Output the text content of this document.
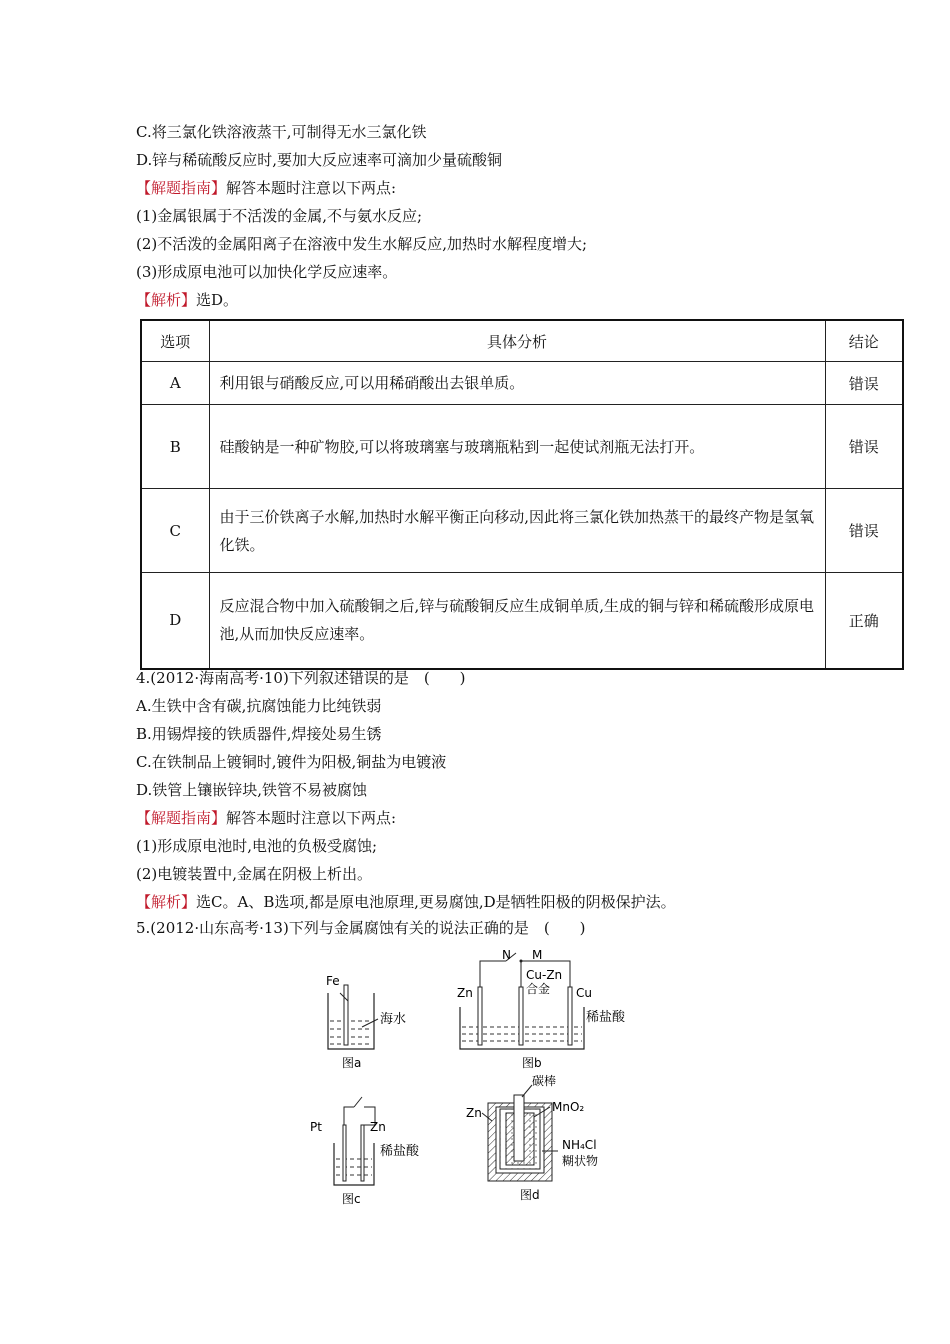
C.将三氯化铁溶液蒸干,可制得无水三氯化铁
D.锌与稀硫酸反应时,要加大反应速率可滴加少量硫酸铜
【解题指南】解答本题时注意以下两点:
(1)金属银属于不活泼的金属,不与氨水反应;
(2)不活泼的金属阳离子在溶液中发生水解反应,加热时水解程度增大;
(3)形成原电池可以加快化学反应速率。
【解析】选D。
选项	具体分析	结论
A	利用银与硝酸反应,可以用稀硝酸出去银单质。	错误
B	硅酸钠是一种矿物胶,可以将玻璃塞与玻璃瓶粘到一起使试剂瓶无法打开。	错误
C	由于三价铁离子水解,加热时水解平衡正向移动,因此将三氯化铁加热蒸干的最终产物是氢氧化铁。	错误
D	反应混合物中加入硫酸铜之后,锌与硫酸铜反应生成铜单质,生成的铜与锌和稀硫酸形成原电池,从而加快反应速率。	正确
4.(2012·海南高考·10)下列叙述错误的是　(　　)
A.生铁中含有碳,抗腐蚀能力比纯铁弱
B.用锡焊接的铁质器件,焊接处易生锈
C.在铁制品上镀铜时,镀件为阳极,铜盐为电镀液
D.铁管上镶嵌锌块,铁管不易被腐蚀
【解题指南】解答本题时注意以下两点:
(1)形成原电池时,电池的负极受腐蚀;
(2)电镀装置中,金属在阴极上析出。
【解析】选C。A、B选项,都是原电池原理,更易腐蚀,D是牺牲阳极的阴极保护法。
5.(2012·山东高考·13)下列与金属腐蚀有关的说法正确的是　(　　)
Fe
海水
图a
N M
Zn
Cu-Zn
合金 Cu
稀盐酸
图b
Pt	Zn
稀盐酸
图c
碳棒
Zn	MnO₂
NH₄Cl
糊状物
图d
